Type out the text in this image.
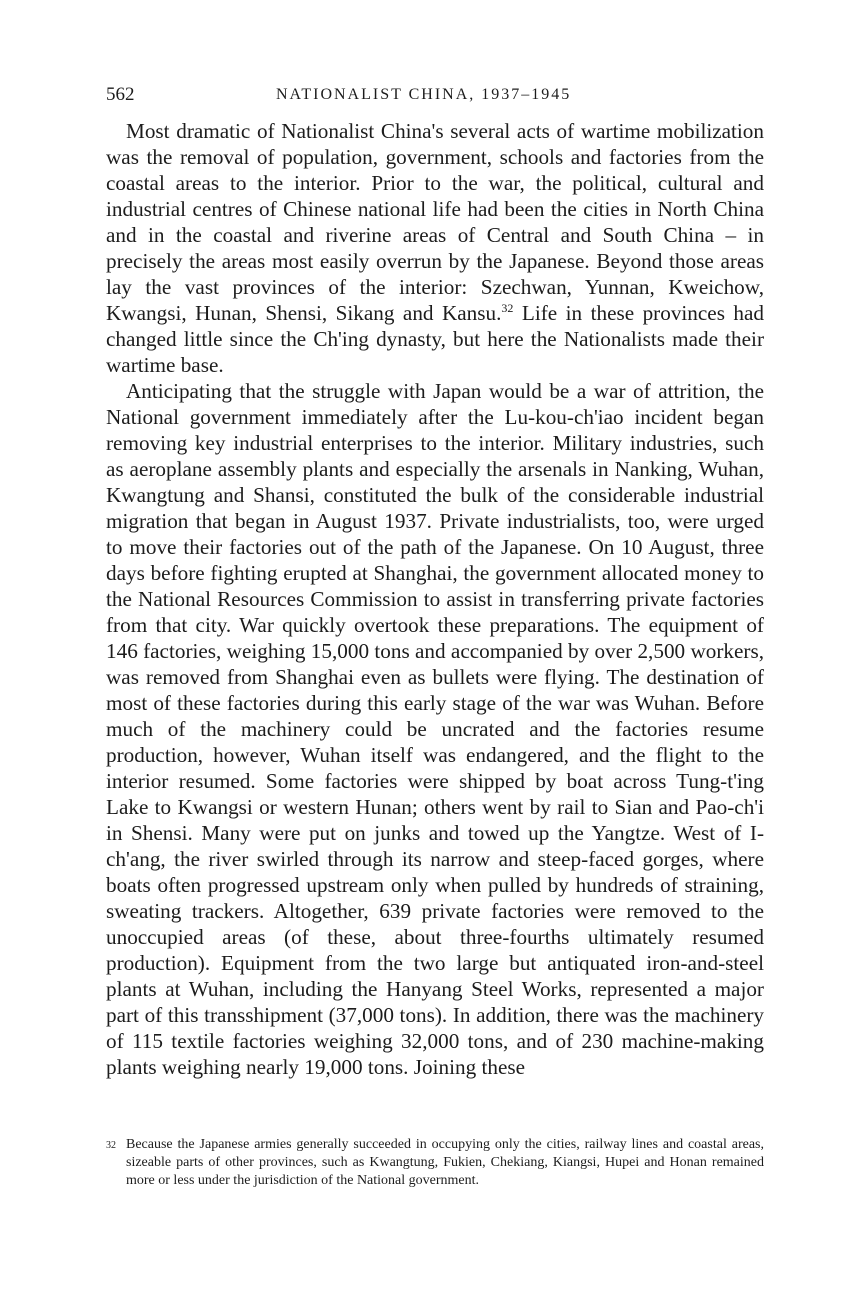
562	NATIONALIST CHINA, 1937–1945

Most dramatic of Nationalist China's several acts of wartime mobilization was the removal of population, government, schools and factories from the coastal areas to the interior. Prior to the war, the political, cultural and industrial centres of Chinese national life had been the cities in North China and in the coastal and riverine areas of Central and South China – in precisely the areas most easily overrun by the Japanese. Beyond those areas lay the vast provinces of the interior: Szechwan, Yunnan, Kweichow, Kwangsi, Hunan, Shensi, Sikang and Kansu.$^{32}$ Life in these provinces had changed little since the Ch'ing dynasty, but here the Nationalists made their wartime base.

Anticipating that the struggle with Japan would be a war of attrition, the National government immediately after the Lu-kou-ch'iao incident began removing key industrial enterprises to the interior. Military industries, such as aeroplane assembly plants and especially the arsenals in Nanking, Wuhan, Kwangtung and Shansi, constituted the bulk of the considerable industrial migration that began in August 1937. Private industrialists, too, were urged to move their factories out of the path of the Japanese. On 10 August, three days before fighting erupted at Shanghai, the government allocated money to the National Resources Commission to assist in transferring private factories from that city. War quickly overtook these preparations. The equipment of 146 factories, weighing 15,000 tons and accompanied by over 2,500 workers, was removed from Shanghai even as bullets were flying. The destination of most of these factories during this early stage of the war was Wuhan. Before much of the machinery could be uncrated and the factories resume production, however, Wuhan itself was endangered, and the flight to the interior resumed. Some factories were shipped by boat across Tung-t'ing Lake to Kwangsi or western Hunan; others went by rail to Sian and Pao-ch'i in Shensi. Many were put on junks and towed up the Yangtze. West of I-ch'ang, the river swirled through its narrow and steep-faced gorges, where boats often progressed upstream only when pulled by hundreds of straining, sweating trackers. Altogether, 639 private factories were removed to the unoccupied areas (of these, about three-fourths ultimately resumed production). Equipment from the two large but antiquated iron-and-steel plants at Wuhan, including the Hanyang Steel Works, represented a major part of this transshipment (37,000 tons). In addition, there was the machinery of 115 textile factories weighing 32,000 tons, and of 230 machine-making plants weighing nearly 19,000 tons. Joining these

32 Because the Japanese armies generally succeeded in occupying only the cities, railway lines and coastal areas, sizeable parts of other provinces, such as Kwangtung, Fukien, Chekiang, Kiangsi, Hupei and Honan remained more or less under the jurisdiction of the National government.
